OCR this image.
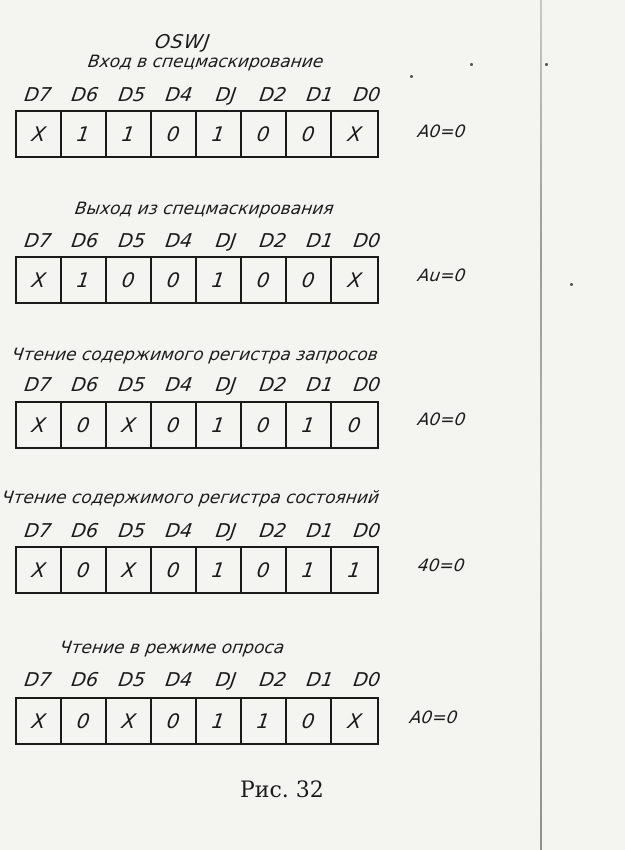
OSWJ
Вход в спецмаскирование
D7 D6 D5 D4	DJ	D2 D1 D0
X 1 1 0 1 0 0 X	A0=0
Выход из спецмаскирования
D7 D6 D5 D4	DJ	D2 D1 D0
X 1 0 0 1 0 0 X	Au=0
Чтение содержимого регистра запросов
D7 D6 D5 D4	DJ	D2 D1 D0
X 0 X 0 1 0 1 0	A0=0
Чтение содержимого регистра состояний
D7 D6 D5 D4	DJ	D2 D1 D0
X 0 X 0 1 0 1 1	40=0
Чтение в режиме опроса
D7 D6 D5 D4	DJ	D2 D1 D0
X 0 X 0 1 1 0 X	A0=0
Рис. 32
